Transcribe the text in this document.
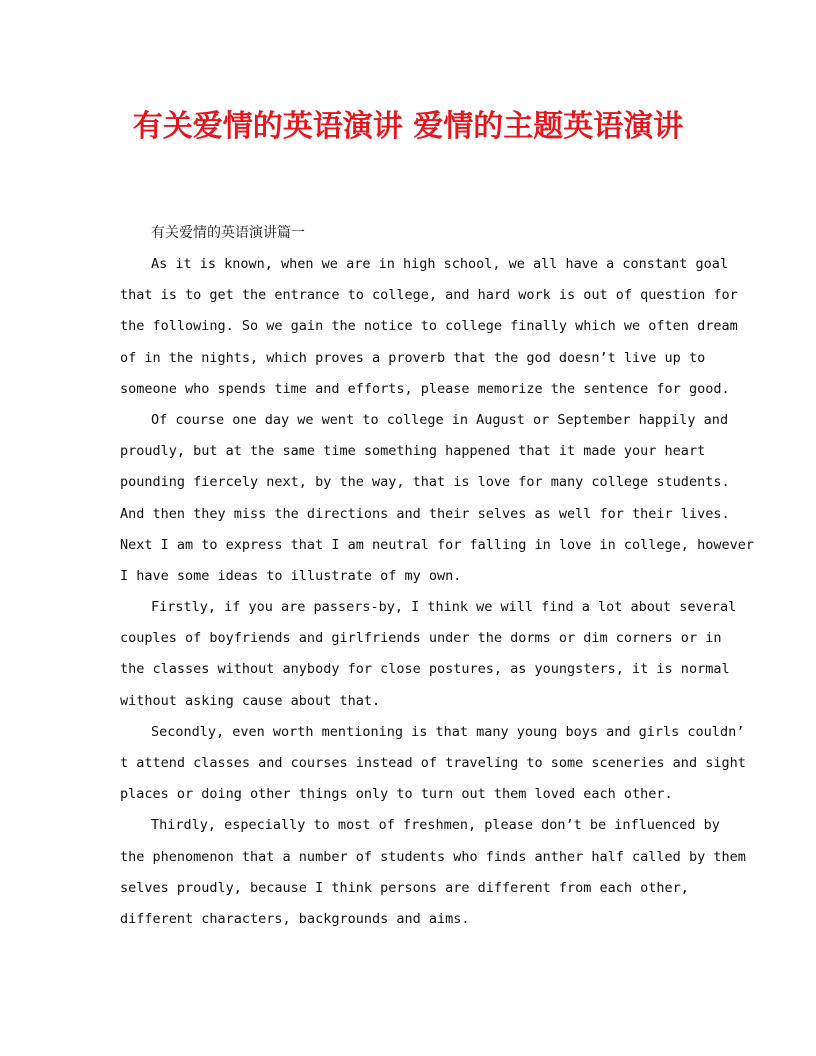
有关爱情的英语演讲 爱情的主题英语演讲

有关爱情的英语演讲篇一

As it is known, when we are in high school, we all have a constant goal
that is to get the entrance to college, and hard work is out of question for
the following. So we gain the notice to college finally which we often dream
of in the nights, which proves a proverb that the god doesn’t live up to
someone who spends time and efforts, please memorize the sentence for good.
Of course one day we went to college in August or September happily and
proudly, but at the same time something happened that it made your heart
pounding fiercely next, by the way, that is love for many college students.
And then they miss the directions and their selves as well for their lives.
Next I am to express that I am neutral for falling in love in college, however
I have some ideas to illustrate of my own.
Firstly, if you are passers-by, I think we will find a lot about several
couples of boyfriends and girlfriends under the dorms or dim corners or in
the classes without anybody for close postures, as youngsters, it is normal
without asking cause about that.
Secondly, even worth mentioning is that many young boys and girls couldn’
t attend classes and courses instead of traveling to some sceneries and sight
places or doing other things only to turn out them loved each other.
Thirdly, especially to most of freshmen, please don’t be influenced by
the phenomenon that a number of students who finds anther half called by them
selves proudly, because I think persons are different from each other,
different characters, backgrounds and aims.
